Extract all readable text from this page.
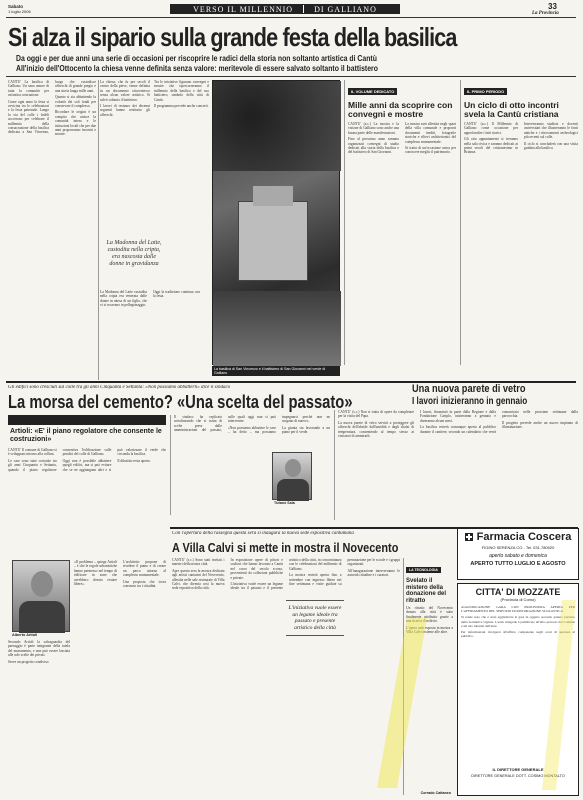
Sabato
1 luglio 2006	VERSO IL MILLENNIO	DI GALLIANO	33
La Provincia
Si alza il sipario sulla grande festa della basilica
Da oggi e per due anni una serie di occasioni per riscoprire le radici della storia non soltanto artistica di Cantù
All'inizio dell'Ottocento la chiesa venne definita senza valore: meritevole di essere salvato soltanto il battistero

CANTU' La basilica di Galliano. Un sano amore di tutta la comunità per un'antica costruzione.

Come ogni anno la festa si avvicina tra le celebrazioni e la festa patronale. Lungo la via del colle i fedeli accorrono per celebrare il millennio della consacrazione della basilica dedicata a San Vincenzo, luogo che custodisce affreschi di grande pregio e una storia lunga mille anni.

Quanto si sta abbattendo la volontà dei soli fondi per conservare il complesso.

Ricordare le origini è un compito che unisce la comunità intera e le istituzioni locali che per due anni proporranno incontri e mostre.

La chiesa, che fu per secoli il centro della pieve, venne definita in un documento ottocentesco senza alcun valore artistico. Si salvò soltanto il battistero.

I lavori di restauro dei decenni seguenti hanno restituito gli affreschi.

La Madonna del Latte, custodita nella cripta, era nascosta dalle donne in gravidanza

La Madonna del Latte custodita nella cripta era venerata dalle donne in attesa di un figlio, che vi si recavano in pellegrinaggio.

Oggi la tradizione continua con la festa.

Tra le iniziative figurano convegni e mostre che ripercorreranno il millennio della basilica e del suo battistero, simbolo della città di Cantù.

Il programma prevede anche concerti.

La basilica di San Vincenzo e il battistero di San Giovanni nel verde di Galliano	Carlo Saibene
IL VOLUME DEDICATO
Mille anni da scoprire con convegni e mostre

CANTU' (a.c.) La mostra e la visione di Galliano sono anche una buona parte delle manifestazioni.

Fino al prossimo anno saranno organizzati convegni di studio dedicati alla storia della basilica e del battistero di San Giovanni.

La mostra sarà allestita negli spazi della villa comunale e proporrà documenti inediti, fotografie storiche e rilievi architettonici del complesso monumentale.

Si tratta di un'occasione unica per conoscere meglio il patrimonio.

IL PRIMO PERIODO
Un ciclo di otto incontri svela la Cantù cristiana

CANTU' (a.c.) Il Millennio di Galliano come occasione per approfondire i fatti storici.

Gli otto appuntamenti si terranno nella sala civica e saranno dedicati ai primi secoli del cristianesimo in Brianza.

Interverranno studiosi e docenti universitari che illustreranno le fonti antiche e i ritrovamenti archeologici più recenti sul colle.

Il ciclo si concluderà con una visita guidata alla basilica.

Gli edifici sono cresciuti sul colle tra gli anni Cinquanta e Settanta: «Non possiamo abbatterli» dice il sindaco
La morsa del cemento? «Una scelta del passato»
PARLA L'ESPONENTE DI ALTRA ARCHITETTURA
Artioli: «E' il piano regolatore che consente le costruzioni»

CANTU' Il comune di Galliano si è sviluppato intorno alla collina.

Le case sono state costruite tra gli anni Cinquanta e Settanta, quando il piano regolatore consentiva l'edificazione sulle pendici del colle di Galliano.

Oggi non è possibile abbattere quegli edifici, ma si può evitare che se ne aggiungano altri e si può valorizzare il verde che circonda la basilica.

Il dibattito resta aperto.

Alberto Artioli

«Il problema – spiega Artioli – è che le regole urbanistiche hanno permesso nel tempo di edificare in zone che avrebbero dovuto restare libere».

L'architetto propone di rivedere il piano e di creare un parco attorno al complesso monumentale.

Una proposta che trova consenso tra i cittadini.

Secondo Artioli la salvaguardia del paesaggio è parte integrante della tutela del monumento, e non può essere lasciata alle sole scelte dei privati.

Serve un progetto condiviso.

Il sindaco ha replicato sottolineando che si tratta di scelte prese dalle amministrazioni del passato, sulle quali oggi non si può intervenire.

«Non possiamo abbattere le case – ha detto – ma possiamo impegnarci perché non ne sorgano di nuove».

La giunta sta lavorando a un piano per il verde.

Tiziano Sala
Una nuova parete di vetro
I lavori inizieranno in gennaio

CANTU' (s.c.) Non si tratta di opere da completare per la visita del Papa.

La nuova parete di vetro servirà a proteggere gli affreschi dell'abside dall'umidità e dagli sbalzi di temperatura, consentendo al tempo stesso ai visitatori di ammirarli.

I lavori, finanziati in parte dalla Regione e dalla Fondazione Cariplo, inizieranno a gennaio e dureranno alcuni mesi.

La basilica resterà comunque aperta al pubblico durante il cantiere, secondo un calendario che verrà comunicato nelle prossime settimane dalla parrocchia.

Il progetto prevede anche un nuovo impianto di illuminazione.

Con l'apertura della rassegna questa sera si inaugura la nuova sede espositiva cantumana
A Villa Calvi si mette in mostra il Novecento

CANTU' (s.c.) Sono stati invitati i maestri della nostra città.

Apre questa sera la mostra dedicata agli artisti canturini del Novecento, allestita nelle sale restaurate di Villa Calvi, che diventa così la nuova sede espositiva della città.

In esposizione opere di pittori e scultori che hanno lavorato a Cantù nel corso del secolo scorso, provenienti da collezioni pubbliche e private.

L'iniziativa vuole essere un legame ideale tra il passato e il presente artistico della città, in concomitanza con le celebrazioni del millennio di Galliano.

La mostra resterà aperta fino a settembre con ingresso libero nei fine settimana e visite guidate su prenotazione per le scuole e i gruppi organizzati.

All'inaugurazione interverranno le autorità cittadine e i curatori.

L'iniziativa vuole essere un legame ideale tra passato e presente artistico della città
LA TECNOLOGIA
Svelato il mistero della donazione del ritratto

Un ritratto del Novecento donato alla città è stato finalmente attribuito grazie a una ricerca d'archivio.

L'opera sarà esposta in mostra a Villa Calvi insieme alle altre.

Corrado Cattaneo
Farmacia Coscera
FIGINO SERENZA CO - Tel. 031.780920
aperto sabato e domenica
APERTO TUTTO LUGLIO E AGOSTO
CITTA' DI MOZZATE
(Provincia di Como)

AGGIUDICAZIONE GARA CON PROCEDURA APERTA PER L'AFFIDAMENTO DEL SERVIZIO DI RISTORAZIONE SCOLASTICA.

Si rende noto che è stata aggiudicata la gara in oggetto secondo quanto previsto dalla normativa vigente. L'esito integrale è pubblicato all'albo pretorio del Comune e sul sito internet dell'ente.

Per informazioni rivolgersi all'ufficio competente negli orari di apertura al pubblico.

IL DIRETTORE GENERALE
DIRETTORE GENERALE DOTT. COSIMO MONTALTO
